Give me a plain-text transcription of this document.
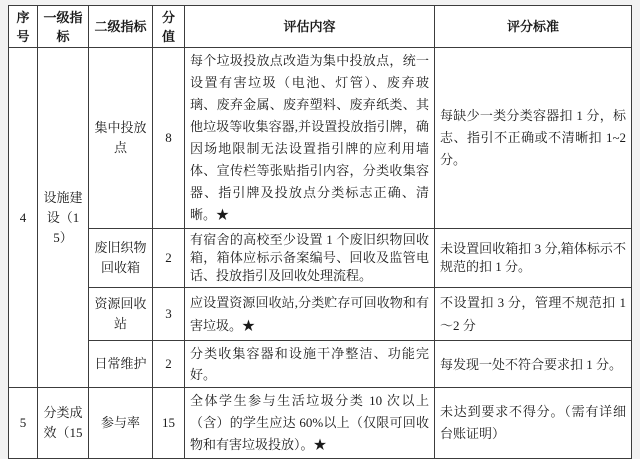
序号	一级指标	二级指标	分值	评估内容	评分标准
4	设施建设（15）	集中投放点	8	每个垃圾投放点改造为集中投放点，统一设置有害垃圾（电池、灯管）、废弃玻璃、废弃金属、废弃塑料、废弃纸类、其他垃圾等收集容器,并设置投放指引牌，确因场地限制无法设置指引牌的应利用墙体、宣传栏等张贴指引内容，分类收集容器、指引牌及投放点分类标志正确、清晰。★	每缺少一类分类容器扣 1 分，标志、指引不正确或不清晰扣 1~2 分。
		废旧织物回收箱	2	有宿舍的高校至少设置 1 个废旧织物回收箱，箱体应标示备案编号、回收及监管电话、投放指引及回收处理流程。	未设置回收箱扣 3 分,箱体标示不规范的扣 1 分。
		资源回收站	3	应设置资源回收站,分类贮存可回收物和有害垃圾。★	不设置扣 3 分，管理不规范扣 1～2 分
		日常维护	2	分类收集容器和设施干净整洁、功能完好。	每发现一处不符合要求扣 1 分。
5	分类成效（15	参与率	15	全体学生参与生活垃圾分类 10 次以上（含）的学生应达 60%以上（仅限可回收物和有害垃圾投放）。★	未达到要求不得分。（需有详细台账证明）
